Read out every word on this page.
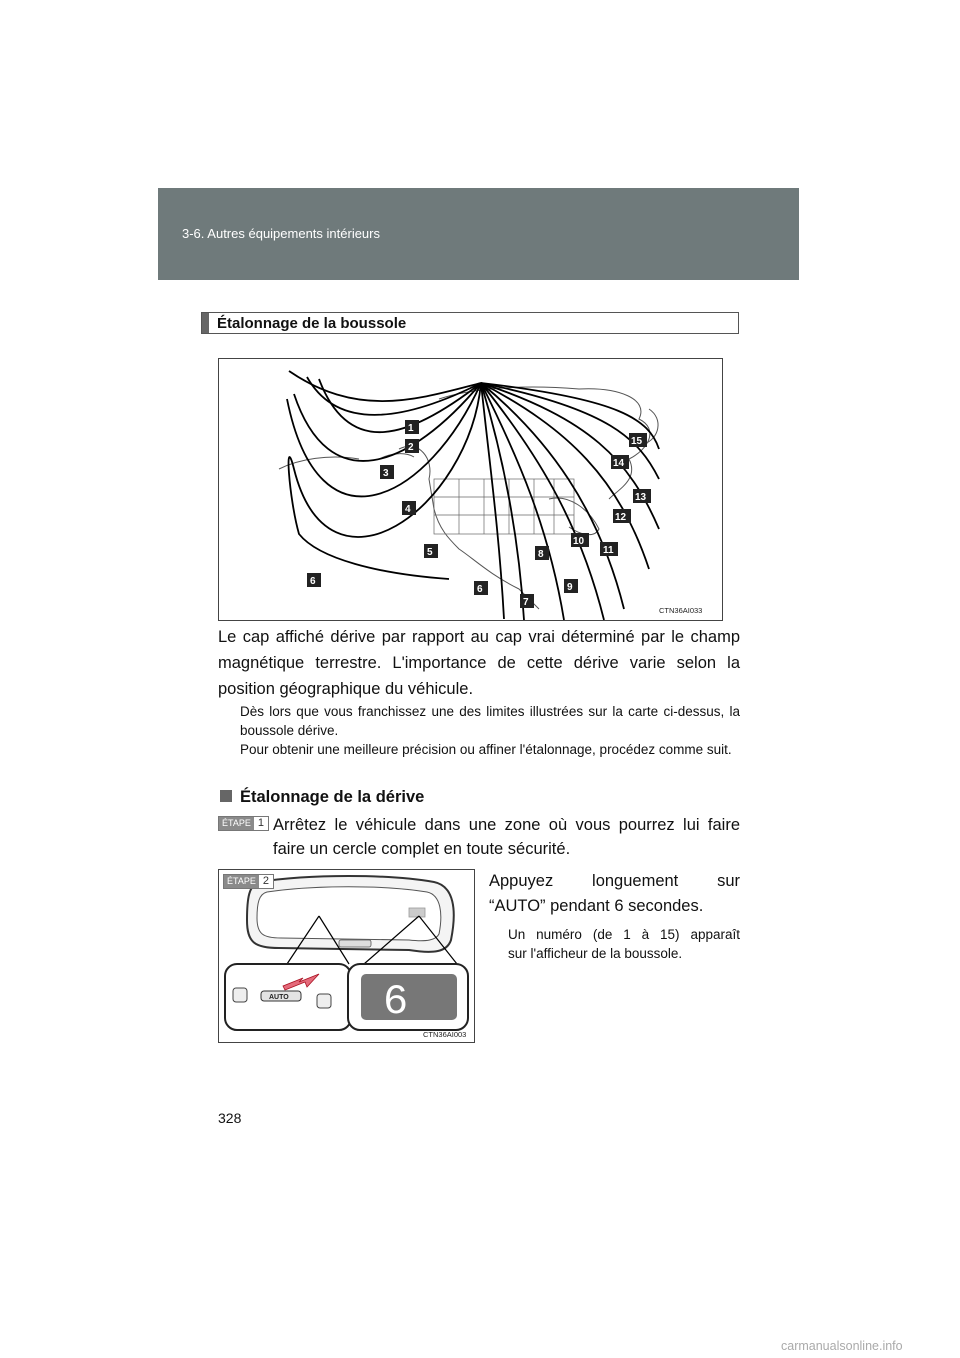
3-6. Autres équipements intérieurs
Étalonnage de la boussole
1
2
3
4
5
6
6
7
8
9
10
11
12
13
14
15
CTN36AI033
Le cap affiché dérive par rapport au cap vrai déterminé par le champ magnétique terrestre. L'importance de cette dérive varie selon la position géographique du véhicule.

Dès lors que vous franchissez une des limites illustrées sur la carte ci-dessus, la boussole dérive.

Pour obtenir une meilleure précision ou affiner l'étalonnage, procédez comme suit.

Étalonnage de la dérive
ÉTAPE 1 Arrêtez le véhicule dans une zone où vous pourrez lui faire
faire un cercle complet en toute sécurité.
AUTO 6
CTN36AI003
ÉTAPE 2	Appuyez longuement sur
“AUTO” pendant 6 secondes.
Un numéro (de 1 à 15) apparaît
sur l'afficheur de la boussole.
328
carmanualsonline.info
